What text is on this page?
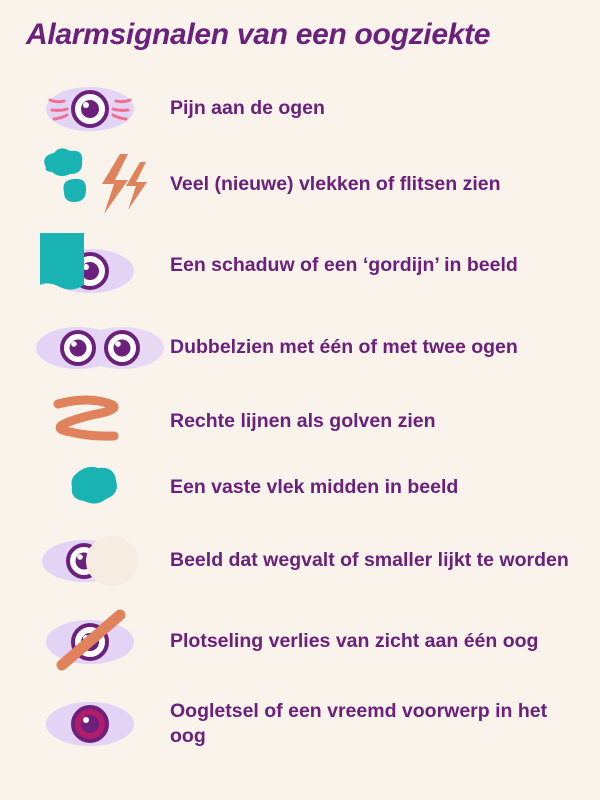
Alarmsignalen van een oogziekte
Pijn aan de ogen
Veel (nieuwe) vlekken of flitsen zien
Een schaduw of een ‘gordijn’ in beeld
Dubbelzien met één of met twee ogen
Rechte lijnen als golven zien
Een vaste vlek midden in beeld
Beeld dat wegvalt of smaller lijkt te worden
Plotseling verlies van zicht aan één oog
Oogletsel of een vreemd voorwerp in het oog
